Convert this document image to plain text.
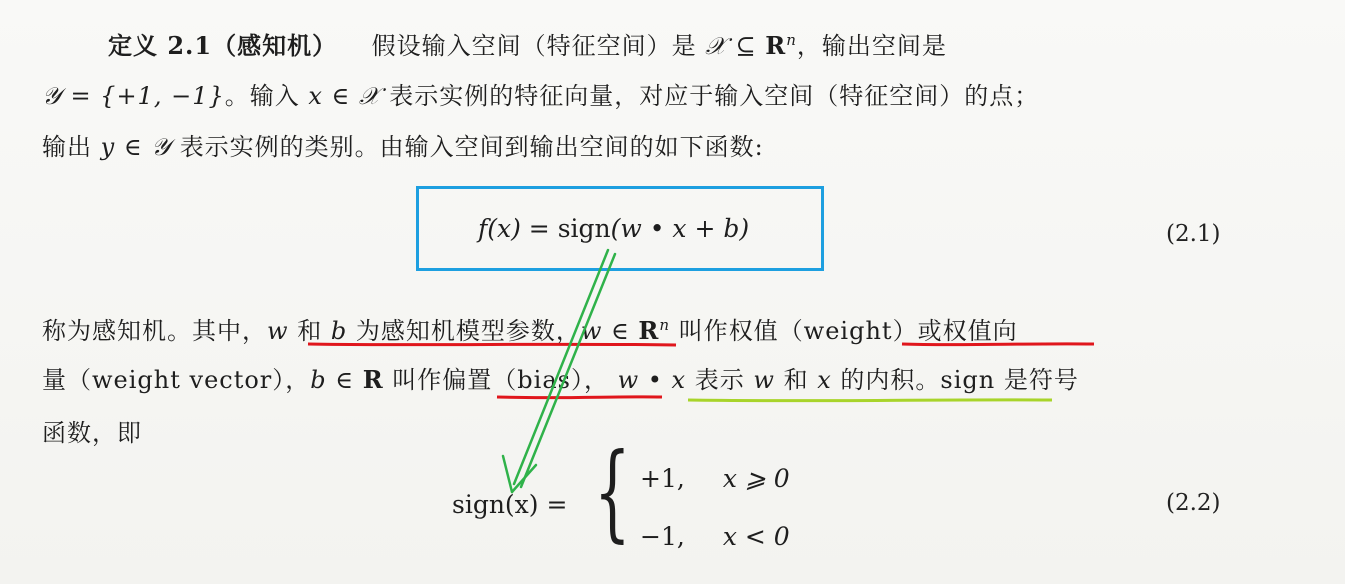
定义 2.1（感知机） 假设输入空间（特征空间）是 𝒳 ⊆ $R^n$，输出空间是
𝒴 = {+1, −1}。输入 x ∈ 𝒳 表示实例的特征向量，对应于输入空间（特征空间）的点；
输出 y ∈ 𝒴 表示实例的类别。由输入空间到输出空间的如下函数:
f(x) = sign(w • x + b)	(2.1)
称为感知机。其中，w 和 b 为感知机模型参数，w ∈ $R^n$ 叫作权值（weight）或权值向
量（weight vector），b ∈ R 叫作偏置（bias）， w • x 表示 w 和 x 的内积。sign 是符号
函数，即
sign(x) = { +1, x ⩾ 0
−1, x < 0
(2.2)
